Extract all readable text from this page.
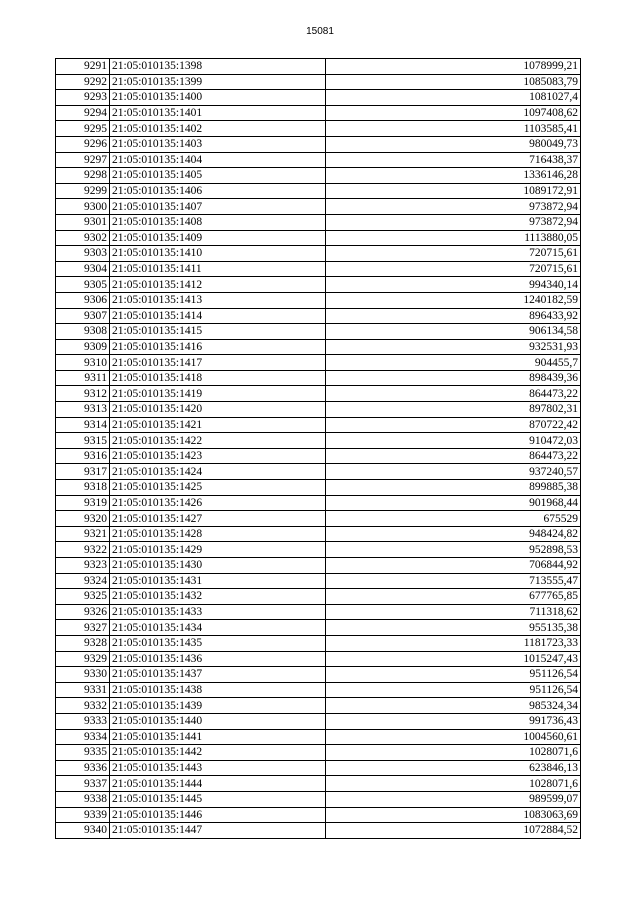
15081
9291	21:05:010135:1398	1078999,21
9292	21:05:010135:1399	1085083,79
9293	21:05:010135:1400	1081027,4
9294	21:05:010135:1401	1097408,62
9295	21:05:010135:1402	1103585,41
9296	21:05:010135:1403	980049,73
9297	21:05:010135:1404	716438,37
9298	21:05:010135:1405	1336146,28
9299	21:05:010135:1406	1089172,91
9300	21:05:010135:1407	973872,94
9301	21:05:010135:1408	973872,94
9302	21:05:010135:1409	1113880,05
9303	21:05:010135:1410	720715,61
9304	21:05:010135:1411	720715,61
9305	21:05:010135:1412	994340,14
9306	21:05:010135:1413	1240182,59
9307	21:05:010135:1414	896433,92
9308	21:05:010135:1415	906134,58
9309	21:05:010135:1416	932531,93
9310	21:05:010135:1417	904455,7
9311	21:05:010135:1418	898439,36
9312	21:05:010135:1419	864473,22
9313	21:05:010135:1420	897802,31
9314	21:05:010135:1421	870722,42
9315	21:05:010135:1422	910472,03
9316	21:05:010135:1423	864473,22
9317	21:05:010135:1424	937240,57
9318	21:05:010135:1425	899885,38
9319	21:05:010135:1426	901968,44
9320	21:05:010135:1427	675529
9321	21:05:010135:1428	948424,82
9322	21:05:010135:1429	952898,53
9323	21:05:010135:1430	706844,92
9324	21:05:010135:1431	713555,47
9325	21:05:010135:1432	677765,85
9326	21:05:010135:1433	711318,62
9327	21:05:010135:1434	955135,38
9328	21:05:010135:1435	1181723,33
9329	21:05:010135:1436	1015247,43
9330	21:05:010135:1437	951126,54
9331	21:05:010135:1438	951126,54
9332	21:05:010135:1439	985324,34
9333	21:05:010135:1440	991736,43
9334	21:05:010135:1441	1004560,61
9335	21:05:010135:1442	1028071,6
9336	21:05:010135:1443	623846,13
9337	21:05:010135:1444	1028071,6
9338	21:05:010135:1445	989599,07
9339	21:05:010135:1446	1083063,69
9340	21:05:010135:1447	1072884,52
